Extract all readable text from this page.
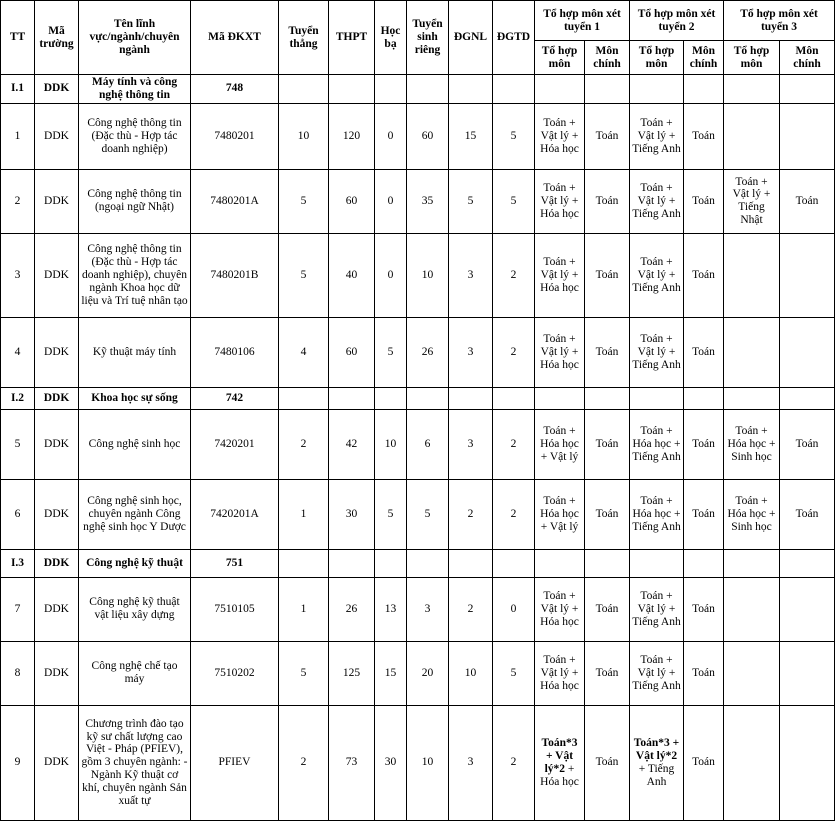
TT	Mã trường	Tên lĩnh vực/ngành/chuyên ngành	Mã ĐKXT	Tuyển thẳng	THPT	Học bạ	Tuyển sinh riêng	ĐGNL	ĐGTD	Tổ hợp môn xét tuyển 1		Tổ hợp môn xét tuyển 2		Tổ hợp môn xét tuyển 3	
										Tổ hợp môn	Môn chính	Tổ hợp môn	Môn chính	Tổ hợp môn	Môn chính
I.1	DDK	Máy tính và công nghệ thông tin	748												
1	DDK	Công nghệ thông tin (Đặc thù - Hợp tác doanh nghiệp)	7480201	10	120	0	60	15	5	Toán + Vật lý + Hóa học	Toán	Toán + Vật lý + Tiếng Anh	Toán		
2	DDK	Công nghệ thông tin (ngoại ngữ Nhật)	7480201A	5	60	0	35	5	5	Toán + Vật lý + Hóa học	Toán	Toán + Vật lý + Tiếng Anh	Toán	Toán + Vật lý + Tiếng Nhật	Toán
3	DDK	Công nghệ thông tin (Đặc thù - Hợp tác doanh nghiệp), chuyên ngành Khoa học dữ liệu và Trí tuệ nhân tạo	7480201B	5	40	0	10	3	2	Toán + Vật lý + Hóa học	Toán	Toán + Vật lý + Tiếng Anh	Toán		
4	DDK	Kỹ thuật máy tính	7480106	4	60	5	26	3	2	Toán + Vật lý + Hóa học	Toán	Toán + Vật lý + Tiếng Anh	Toán		
I.2	DDK	Khoa học sự sống	742												
5	DDK	Công nghệ sinh học	7420201	2	42	10	6	3	2	Toán + Hóa học + Vật lý	Toán	Toán + Hóa học + Tiếng Anh	Toán	Toán + Hóa học + Sinh học	Toán
6	DDK	Công nghệ sinh học, chuyên ngành Công nghệ sinh học Y Dược	7420201A	1	30	5	5	2	2	Toán + Hóa học + Vật lý	Toán	Toán + Hóa học + Tiếng Anh	Toán	Toán + Hóa học + Sinh học	Toán
I.3	DDK	Công nghệ kỹ thuật	751												
7	DDK	Công nghệ kỹ thuật vật liệu xây dựng	7510105	1	26	13	3	2	0	Toán + Vật lý + Hóa học	Toán	Toán + Vật lý + Tiếng Anh	Toán		
8	DDK	Công nghệ chế tạo máy	7510202	5	125	15	20	10	5	Toán + Vật lý + Hóa học	Toán	Toán + Vật lý + Tiếng Anh	Toán		
9	DDK	Chương trình đào tạo kỹ sư chất lượng cao Việt - Pháp (PFIEV), gồm 3 chuyên ngành: - Ngành Kỹ thuật cơ khí, chuyên ngành Sản xuất tự	PFIEV	2	73	30	10	3	2	Toán*3 + Vật lý*2 + Hóa học	Toán	Toán*3 + Vật lý*2 + Tiếng Anh	Toán		
